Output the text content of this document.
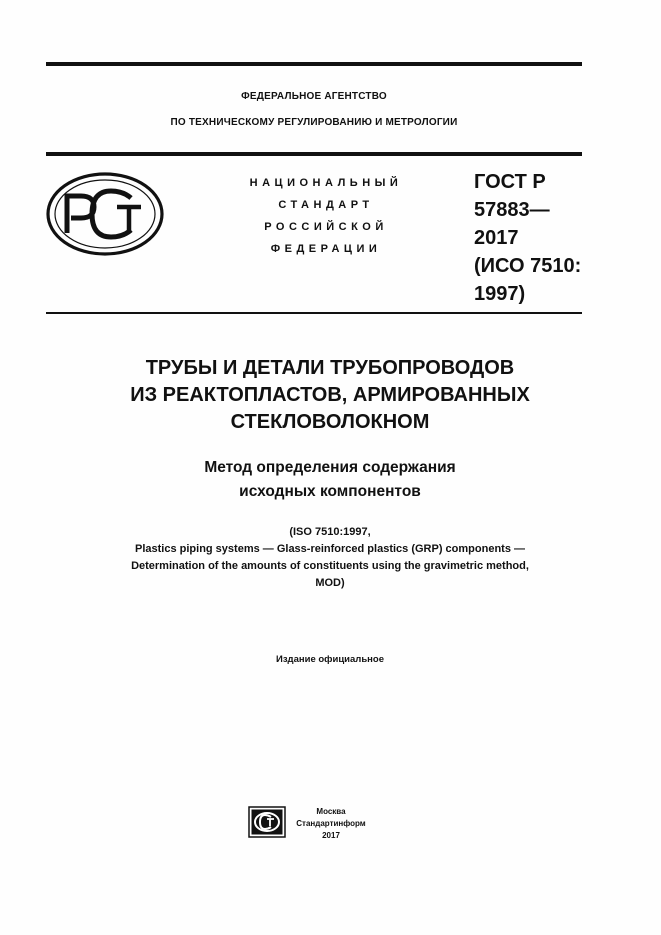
ФЕДЕРАЛЬНОЕ АГЕНТСТВО
ПО ТЕХНИЧЕСКОМУ РЕГУЛИРОВАНИЮ И МЕТРОЛОГИИ
НАЦИОНАЛЬНЫЙ
СТАНДАРТ
РОССИЙСКОЙ
ФЕДЕРАЦИИ
ГОСТ Р
57883—
2017
(ИСО 7510:
1997)
ТРУБЫ И ДЕТАЛИ ТРУБОПРОВОДОВ
ИЗ РЕАКТОПЛАСТОВ, АРМИРОВАННЫХ
СТЕКЛОВОЛОКНОМ
Метод определения содержания
исходных компонентов
(ISO 7510:1997,
Plastics piping systems — Glass-reinforced plastics (GRP) components —
Determination of the amounts of constituents using the gravimetric method,
MOD)
Издание официальное
Москва
Стандартинформ
2017
